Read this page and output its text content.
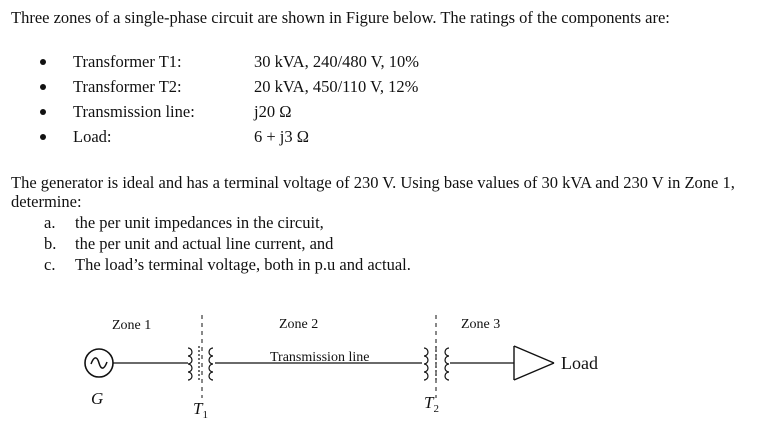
Three zones of a single-phase circuit are shown in Figure below. The ratings of the components are:
Transformer T1:	30 kVA, 240/480 V, 10%
Transformer T2:	20 kVA, 450/110 V, 12%
Transmission line:	j20 Ω
Load:	6 + j3 Ω
The generator is ideal and has a terminal voltage of 230 V. Using base values of 30 kVA and 230 V in Zone 1, determine:
a. the per unit impedances in the circuit,
b. the per unit and actual line current, and
c. The load’s terminal voltage, both in p.u and actual.
Zone 1	Zone 2	Zone 3
G
$T_1$
Transmission line
$T_2$
Load
